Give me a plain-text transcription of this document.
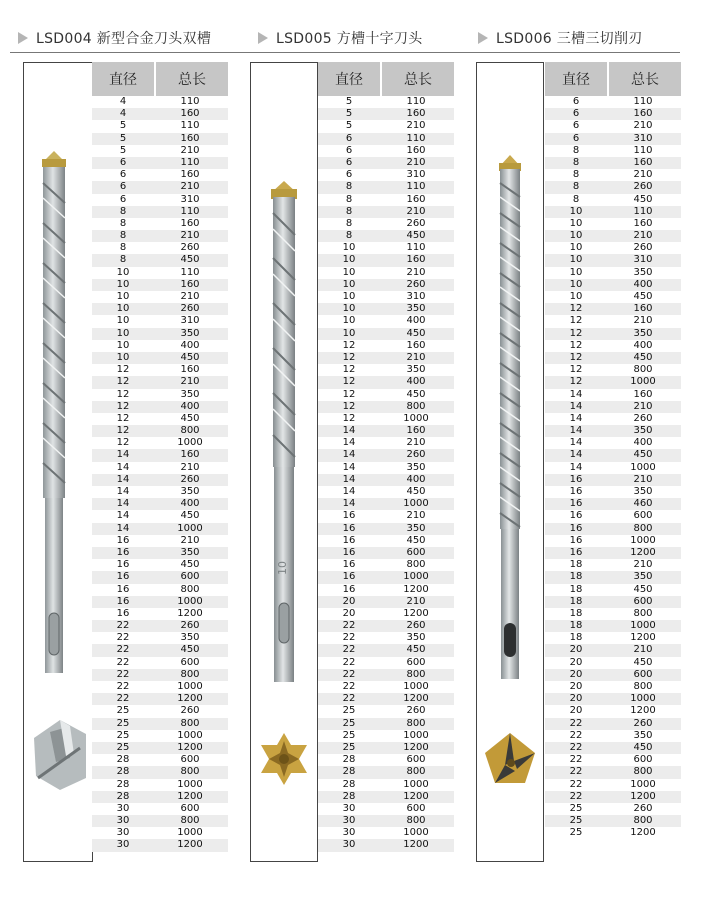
LSD004 新型合金刀头双槽	LSD005 方槽十字刀头	LSD006 三槽三切削刃
直径	总长
4	110
4	160
5	110
5	160
5	210
6	110
6	160
6	210
6	310
8	110
8	160
8	210
8	260
8	450
10	110
10	160
10	210
10	260
10	310
10	350
10	400
10	450
12	160
12	210
12	350
12	400
12	450
12	800
12	1000
14	160
14	210
14	260
14	350
14	400
14	450
14	1000
16	210
16	350
16	450
16	600
16	800
16	1000
16	1200
22	260
22	350
22	450
22	600
22	800
22	1000
22	1200
25	260
25	800
25	1000
25	1200
28	600
28	800
28	1000
28	1200
30	600
30	800
30	1000
30	1200
10
直径	总长
5	110
5	160
5	210
6	110
6	160
6	210
6	310
8	110
8	160
8	210
8	260
8	450
10	110
10	160
10	210
10	260
10	310
10	350
10	400
10	450
12	160
12	210
12	350
12	400
12	450
12	800
12	1000
14	160
14	210
14	260
14	350
14	400
14	450
14	1000
16	210
16	350
16	450
16	600
16	800
16	1000
16	1200
20	210
20	1200
22	260
22	350
22	450
22	600
22	800
22	1000
22	1200
25	260
25	800
25	1000
25	1200
28	600
28	800
28	1000
28	1200
30	600
30	800
30	1000
30	1200
直径	总长
6	110
6	160
6	210
6	310
8	110
8	160
8	210
8	260
8	450
10	110
10	160
10	210
10	260
10	310
10	350
10	400
10	450
12	160
12	210
12	350
12	400
12	450
12	800
12	1000
14	160
14	210
14	260
14	350
14	400
14	450
14	1000
16	210
16	350
16	460
16	600
16	800
16	1000
16	1200
18	210
18	350
18	450
18	600
18	800
18	1000
18	1200
20	210
20	450
20	600
20	800
20	1000
20	1200
22	260
22	350
22	450
22	600
22	800
22	1000
22	1200
25	260
25	800
25	1200
